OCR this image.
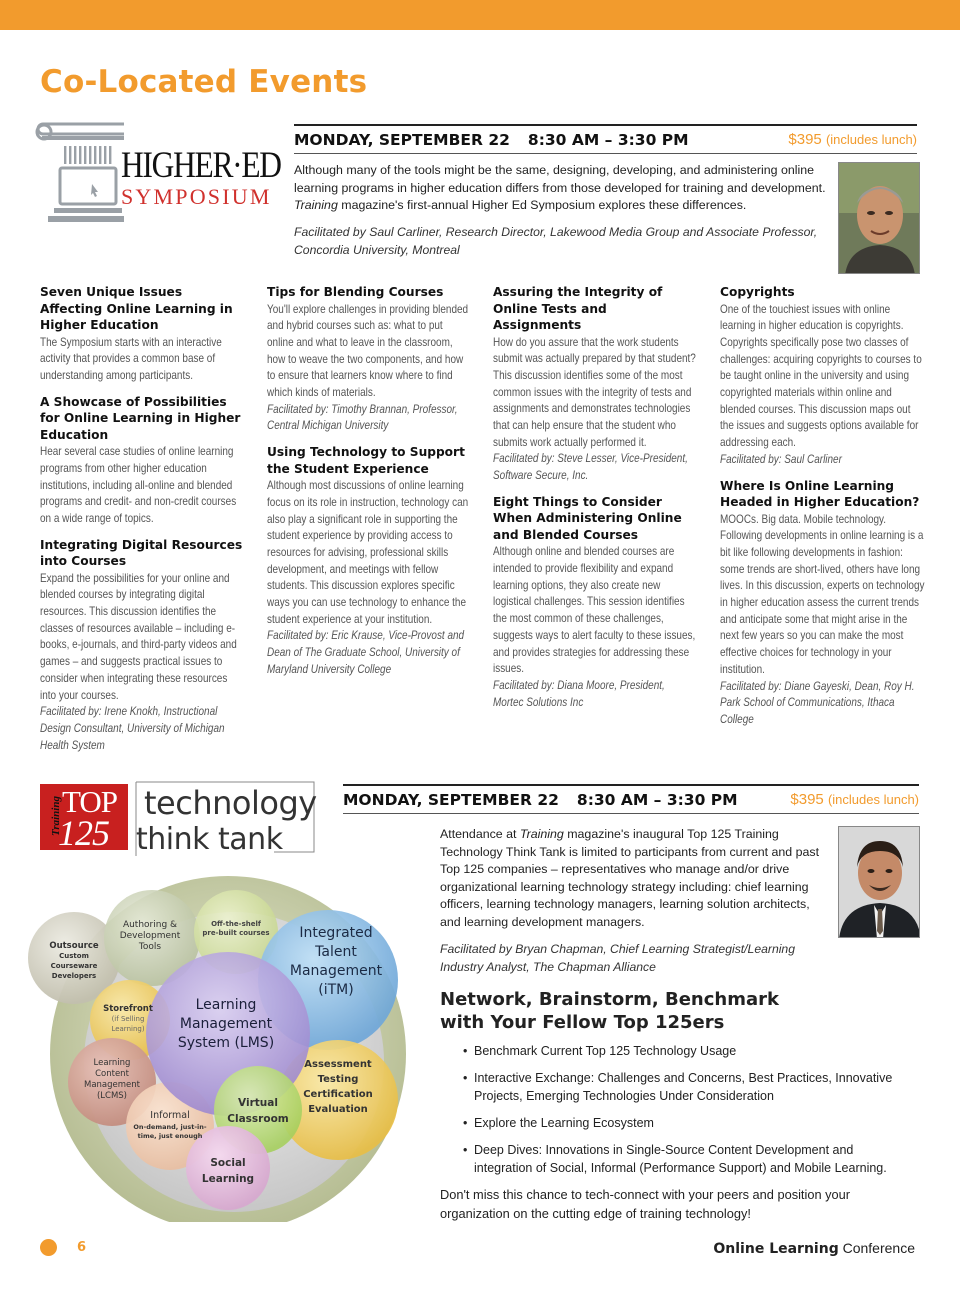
Co-Located Events
HIGHER·ED
SYMPOSIUM
MONDAY, SEPTEMBER 22 8:30 AM – 3:30 PM	$395 (includes lunch)

Although many of the tools might be the same, designing, developing, and administering online learning programs in higher education differs from those developed for training and development. Training magazine's first-annual Higher Ed Symposium explores these differences.

Facilitated by Saul Carliner, Research Director, Lakewood Media Group and Associate Professor, Concordia University, Montreal

Seven Unique Issues Affecting Online Learning in Higher Education
The Symposium starts with an interactive activity that provides a common base of understanding among participants.
A Showcase of Possibilities for Online Learning in Higher Education
Hear several case studies of online learning programs from other higher education institutions, including all-online and blended programs and credit- and non-credit courses on a wide range of topics.
Integrating Digital Resources into Courses
Expand the possibilities for your online and blended courses by integrating digital resources. This discussion identifies the classes of resources available – including e-books, e-journals, and third-party videos and games – and suggests practical issues to consider when integrating these resources into your courses.
Facilitated by: Irene Knokh, Instructional Design Consultant, University of Michigan Health System
Tips for Blending Courses
You'll explore challenges in providing blended and hybrid courses such as: what to put online and what to leave in the classroom, how to weave the two components, and how to ensure that learners know where to find which kinds of materials.
Facilitated by: Timothy Brannan, Professor, Central Michigan University
Using Technology to Support the Student Experience
Although most discussions of online learning focus on its role in instruction, technology can also play a significant role in supporting the student experience by providing access to resources for advising, professional skills development, and meetings with fellow students. This discussion explores specific ways you can use technology to enhance the student experience at your institution.
Facilitated by: Eric Krause, Vice-Provost and Dean of The Graduate School, University of Maryland University College
Assuring the Integrity of Online Tests and Assignments
How do you assure that the work students submit was actually prepared by that student? This discussion identifies some of the most common issues with the integrity of tests and assignments and demonstrates technologies that can help ensure that the student who submits work actually performed it.
Facilitated by: Steve Lesser, Vice-President, Software Secure, Inc.
Eight Things to Consider When Administering Online and Blended Courses
Although online and blended courses are intended to provide flexibility and expand learning options, they also create new logistical challenges. This session identifies the most common of these challenges, suggests ways to alert faculty to these issues, and provides strategies for addressing these issues.
Facilitated by: Diana Moore, President, Mortec Solutions Inc
Copyrights
One of the touchiest issues with online learning in higher education is copyrights. Copyrights specifically pose two classes of challenges: acquiring copyrights to courses to be taught online in the university and using copyrighted materials within online and blended courses. This discussion maps out the issues and suggests options available for addressing each.
Facilitated by: Saul Carliner
Where Is Online Learning Headed in Higher Education?
MOOCs. Big data. Mobile technology. Following developments in online learning is a bit like following developments in fashion: some trends are short-lived, others have long lives. In this discussion, experts on technology in higher education assess the current trends and anticipate some that might arise in the next few years so you can make the most effective choices for technology in your institution.
Facilitated by: Diane Gayeski, Dean, Roy H. Park School of Communications, Ithaca College
Training TOP
125
technology
think tank
MONDAY, SEPTEMBER 22 8:30 AM – 3:30 PM	$395 (includes lunch)

Attendance at Training magazine's inaugural Top 125 Training Technology Think Tank is limited to participants from current and past Top 125 companies – representatives who manage and/or drive organizational learning technology strategy including: chief learning officers, learning technology managers, learning solution architects, and learning development managers.

Facilitated by Bryan Chapman, Chief Learning Strategist/Learning Industry Analyst, The Chapman Alliance

Outsource
Custom
Courseware
Developers
Authoring &
Development
Tools
Off-the-shelf
pre-built courses Integrated
Talent
Management
(iTM)
Storefront
(if Selling
Learning)
Learning
Management
System (LMS)
Learning
Content
Management
(LCMS)
Assessment
Testing
Certification
Evaluation
Virtual
Classroom
Informal
On-demand, just-in-
time, just enough
Social
Learning
Network, Brainstorm, Benchmark with Your Fellow Top 125ers
• Benchmark Current Top 125 Technology Usage
• Interactive Exchange: Challenges and Concerns, Best Practices, Innovative Projects, Emerging Technologies Under Consideration
• Explore the Learning Ecosystem
• Deep Dives: Innovations in Single-Source Content Development and integration of Social, Informal (Performance Support) and Mobile Learning.

Don't miss this chance to tech-connect with your peers and position your organization on the cutting edge of training technology!

6	Online Learning Conference
